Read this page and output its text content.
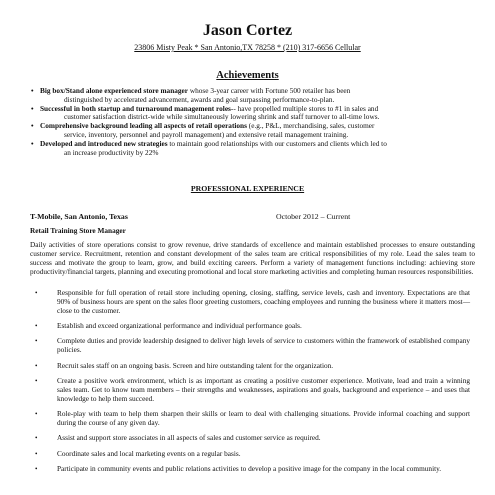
Jason Cortez
23806 Misty Peak * San Antonio,TX 78258 * (210) 317-6656 Cellular
Achievements
• Big box/Stand alone experienced store manager whose 3-year career with Fortune 500 retailer has been
distinguished by accelerated advancement, awards and goal surpassing performance-to-plan.
• Successful in both startup and turnaround management roles-- have propelled multiple stores to #1 in sales and
customer satisfaction district-wide while simultaneously lowering shrink and staff turnover to all-time lows.
• Comprehensive background leading all aspects of retail operations (e.g., P&L, merchandising, sales, customer
service, inventory, personnel and payroll management) and extensive retail management training.
• Developed and introduced new strategies to maintain good relationships with our customers and clients which led to
an increase productivity by 22%
PROFESSIONAL EXPERIENCE
T-Mobile, San Antonio, Texas	October 2012 – Current
Retail Training Store Manager

Daily activities of store operations consist to grow revenue, drive standards of excellence and maintain established processes to ensure outstanding customer service. Recruitment, retention and constant development of the sales team are critical responsibilities of my role. Lead the sales team to success and motivate the group to learn, grow, and build exciting careers. Perform a variety of management functions including: achieving store productivity/financial targets, planning and executing promotional and local store marketing activities and completing human resources responsibilities.

•	Responsible for full operation of retail store including opening, closing, staffing, service levels, cash and inventory. Expectations are that 90% of business hours are spent on the sales floor greeting customers, coaching employees and running the business where it matters most—close to the customer.
•	Establish and exceed organizational performance and individual performance goals.
•	Complete duties and provide leadership designed to deliver high levels of service to customers within the framework of established company policies.
•	Recruit sales staff on an ongoing basis. Screen and hire outstanding talent for the organization.
•	Create a positive work environment, which is as important as creating a positive customer experience. Motivate, lead and train a winning sales team. Get to know team members – their strengths and weaknesses, aspirations and goals, background and experience – and uses that knowledge to help them succeed.
•	Role-play with team to help them sharpen their skills or learn to deal with challenging situations. Provide informal coaching and support during the course of any given day.
•	Assist and support store associates in all aspects of sales and customer service as required.
•	Coordinate sales and local marketing events on a regular basis.
•	Participate in community events and public relations activities to develop a positive image for the company in the local community.
